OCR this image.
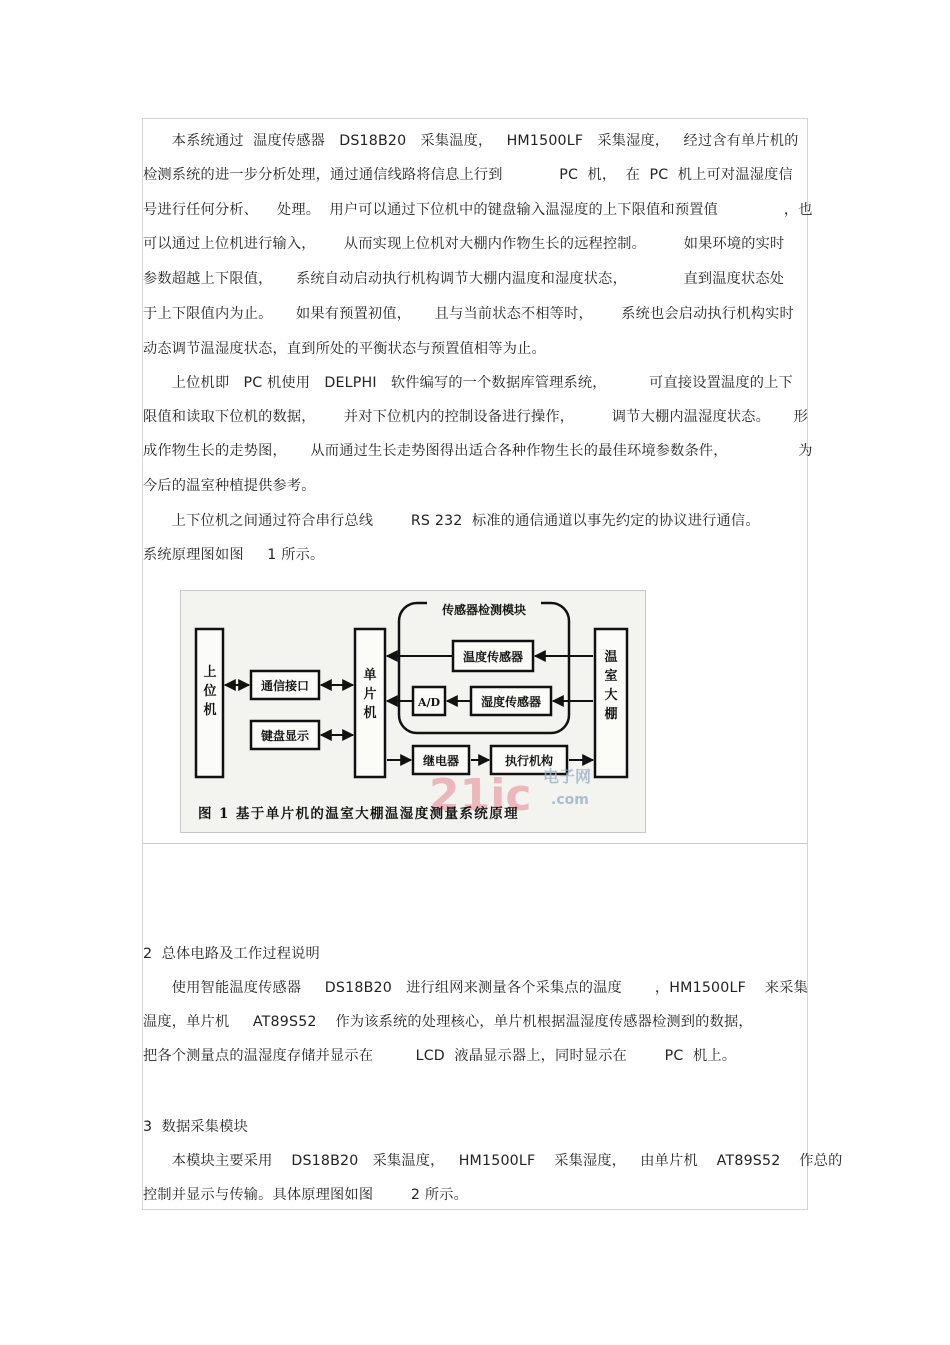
　　本系统通过  温度传感器   DS18B20   采集温度，   HM1500LF   采集湿度，   经过含有单片机的
检测系统的进一步分析处理，通过通信线路将信息上行到            PC  机，  在  PC  机上可对温湿度信
号进行任何分析、    处理。  用户可以通过下位机中的键盘输入温湿度的上下限值和预置值              ，也
可以通过上位机进行输入，      从而实现上位机对大棚内作物生长的远程控制。        如果环境的实时
参数超越上下限值，     系统自动启动执行机构调节大棚内温度和湿度状态，            直到温度状态处
于上下限值内为止。     如果有预置初值，     且与当前状态不相等时，      系统也会启动执行机构实时
动态调节温湿度状态，直到所处的平衡状态与预置值相等为止。
　　上位机即   PC 机使用   DELPHI   软件编写的一个数据库管理系统，         可直接设置温度的上下
限值和读取下位机的数据，      并对下位机内的控制设备进行操作，        调节大棚内温湿度状态。     形
成作物生长的走势图，     从而通过生长走势图得出适合各种作物生长的最佳环境参数条件，               为
今后的温室种植提供参考。
　　上下位机之间通过符合串行总线        RS 232  标准的通信通道以事先约定的协议进行通信。
系统原理图如图     1 所示。
上位机
通信接口
键盘显示
单片机
传感器检测模块
温度传感器
A/D	湿度传感器
继电器	执行机构
温室大棚
21ic 电子网
.com
图 1 基于单片机的温室大棚温湿度测量系统原理
2  总体电路及工作过程说明
　　使用智能温度传感器     DS18B20   进行组网来测量各个采集点的温度       ，HM1500LF    来采集
温度，单片机     AT89S52    作为该系统的处理核心，单片机根据温湿度传感器检测到的数据，
把各个测量点的温湿度存储并显示在         LCD  液晶显示器上，同时显示在        PC  机上。
3  数据采集模块
　　本模块主要采用    DS18B20   采集温度，   HM1500LF    采集湿度，   由单片机    AT89S52    作总的
控制并显示与传输。具体原理图如图        2 所示。
